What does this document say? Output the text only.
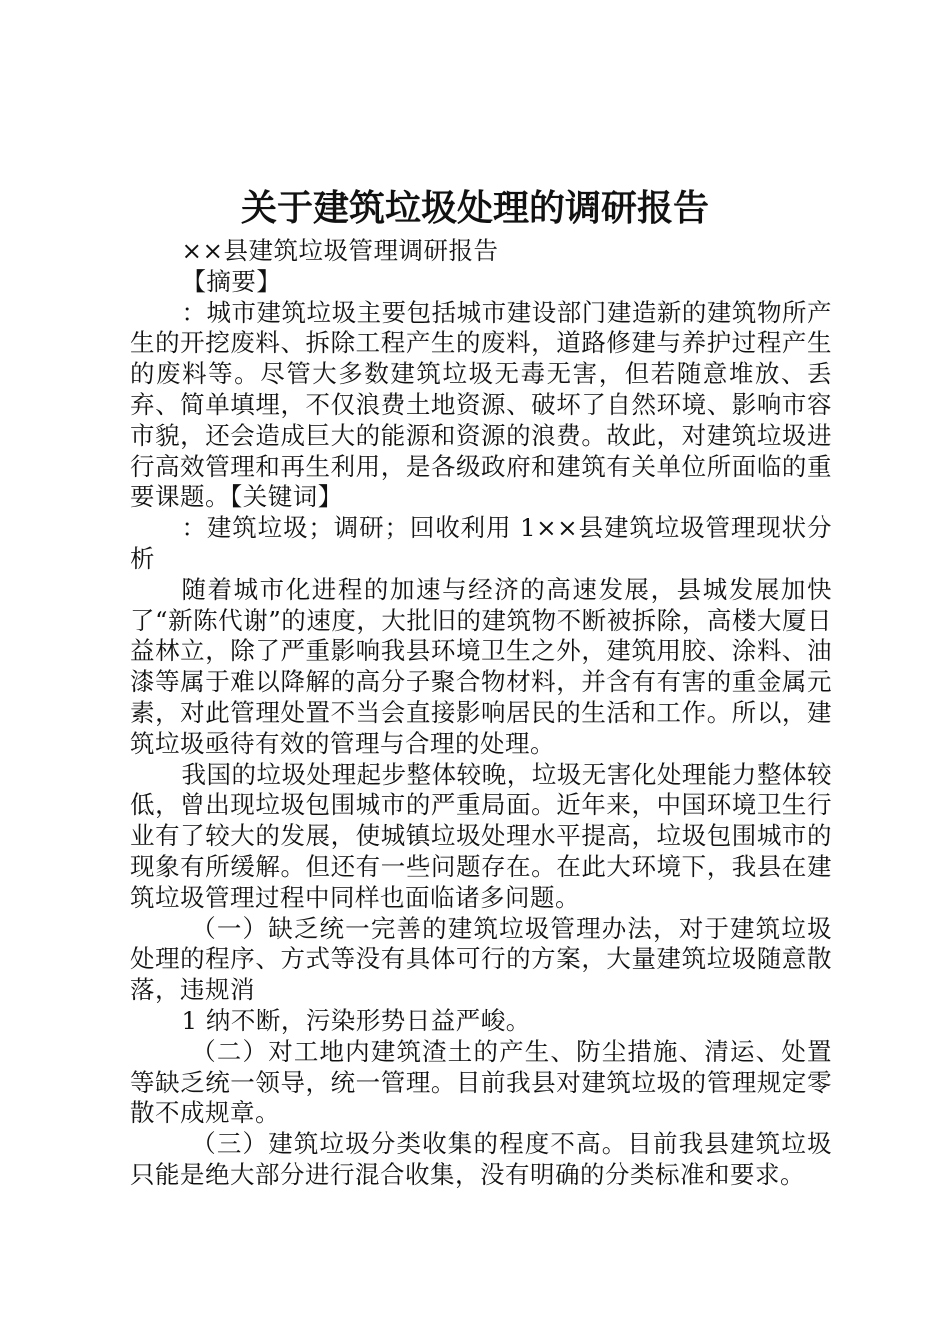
关于建筑垃圾处理的调研报告

××县建筑垃圾管理调研报告

【摘要】

：城市建筑垃圾主要包括城市建设部门建造新的建筑物所产生的开挖废料、拆除工程产生的废料，道路修建与养护过程产生的废料等。尽管大多数建筑垃圾无毒无害，但若随意堆放、丢弃、简单填埋，不仅浪费土地资源、破坏了自然环境、影响市容市貌，还会造成巨大的能源和资源的浪费。故此，对建筑垃圾进行高效管理和再生利用，是各级政府和建筑有关单位所面临的重要课题。【关键词】

：建筑垃圾；调研；回收利用 1××县建筑垃圾管理现状分析

随着城市化进程的加速与经济的高速发展，县城发展加快了“新陈代谢”的速度，大批旧的建筑物不断被拆除，高楼大厦日益林立，除了严重影响我县环境卫生之外，建筑用胶、涂料、油漆等属于难以降解的高分子聚合物材料，并含有有害的重金属元素，对此管理处置不当会直接影响居民的生活和工作。所以，建筑垃圾亟待有效的管理与合理的处理。

我国的垃圾处理起步整体较晚，垃圾无害化处理能力整体较低，曾出现垃圾包围城市的严重局面。近年来，中国环境卫生行业有了较大的发展，使城镇垃圾处理水平提高，垃圾包围城市的现象有所缓解。但还有一些问题存在。在此大环境下，我县在建筑垃圾管理过程中同样也面临诸多问题。

（一）缺乏统一完善的建筑垃圾管理办法，对于建筑垃圾处理的程序、方式等没有具体可行的方案，大量建筑垃圾随意散落，违规消

1 纳不断，污染形势日益严峻。

（二）对工地内建筑渣土的产生、防尘措施、清运、处置等缺乏统一领导，统一管理。目前我县对建筑垃圾的管理规定零散不成规章。

（三）建筑垃圾分类收集的程度不高。目前我县建筑垃圾只能是绝大部分进行混合收集，没有明确的分类标准和要求。
